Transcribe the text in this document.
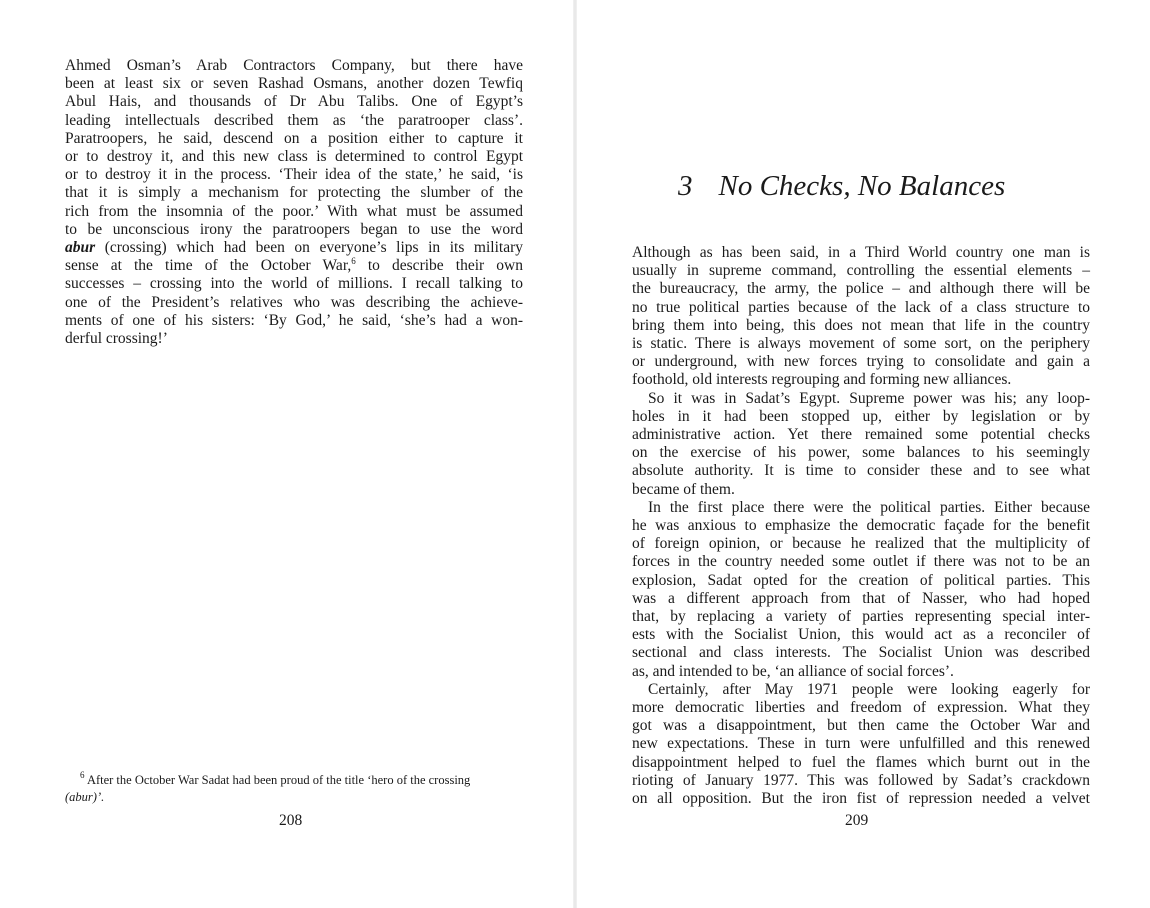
Ahmed Osman’s Arab Contractors Company, but there have
been at least six or seven Rashad Osmans, another dozen Tewfiq
Abul Hais, and thousands of Dr Abu Talibs. One of Egypt’s
leading intellectuals described them as ‘the paratrooper class’.
Paratroopers, he said, descend on a position either to capture it
or to destroy it, and this new class is determined to control Egypt
or to destroy it in the process. ‘Their idea of the state,’ he said, ‘is
that it is simply a mechanism for protecting the slumber of the
rich from the insomnia of the poor.’ With what must be assumed
to be unconscious irony the paratroopers began to use the word
abur (crossing) which had been on everyone’s lips in its military
sense at the time of the October War,$^6$ to describe their own
successes – crossing into the world of millions. I recall talking to
one of the President’s relatives who was describing the achieve-
ments of one of his sisters: ‘By God,’ he said, ‘she’s had a won-
derful crossing!’
$^6$ After the October War Sadat had been proud of the title ‘hero of the crossing
(abur)’.
208
3 No Checks, No Balances
Although as has been said, in a Third World country one man is
usually in supreme command, controlling the essential elements –
the bureaucracy, the army, the police – and although there will be
no true political parties because of the lack of a class structure to
bring them into being, this does not mean that life in the country
is static. There is always movement of some sort, on the periphery
or underground, with new forces trying to consolidate and gain a
foothold, old interests regrouping and forming new alliances.
So it was in Sadat’s Egypt. Supreme power was his; any loop-
holes in it had been stopped up, either by legislation or by
administrative action. Yet there remained some potential checks
on the exercise of his power, some balances to his seemingly
absolute authority. It is time to consider these and to see what
became of them.
In the first place there were the political parties. Either because
he was anxious to emphasize the democratic façade for the benefit
of foreign opinion, or because he realized that the multiplicity of
forces in the country needed some outlet if there was not to be an
explosion, Sadat opted for the creation of political parties. This
was a different approach from that of Nasser, who had hoped
that, by replacing a variety of parties representing special inter-
ests with the Socialist Union, this would act as a reconciler of
sectional and class interests. The Socialist Union was described
as, and intended to be, ‘an alliance of social forces’.
Certainly, after May 1971 people were looking eagerly for
more democratic liberties and freedom of expression. What they
got was a disappointment, but then came the October War and
new expectations. These in turn were unfulfilled and this renewed
disappointment helped to fuel the flames which burnt out in the
rioting of January 1977. This was followed by Sadat’s crackdown
on all opposition. But the iron fist of repression needed a velvet
209
